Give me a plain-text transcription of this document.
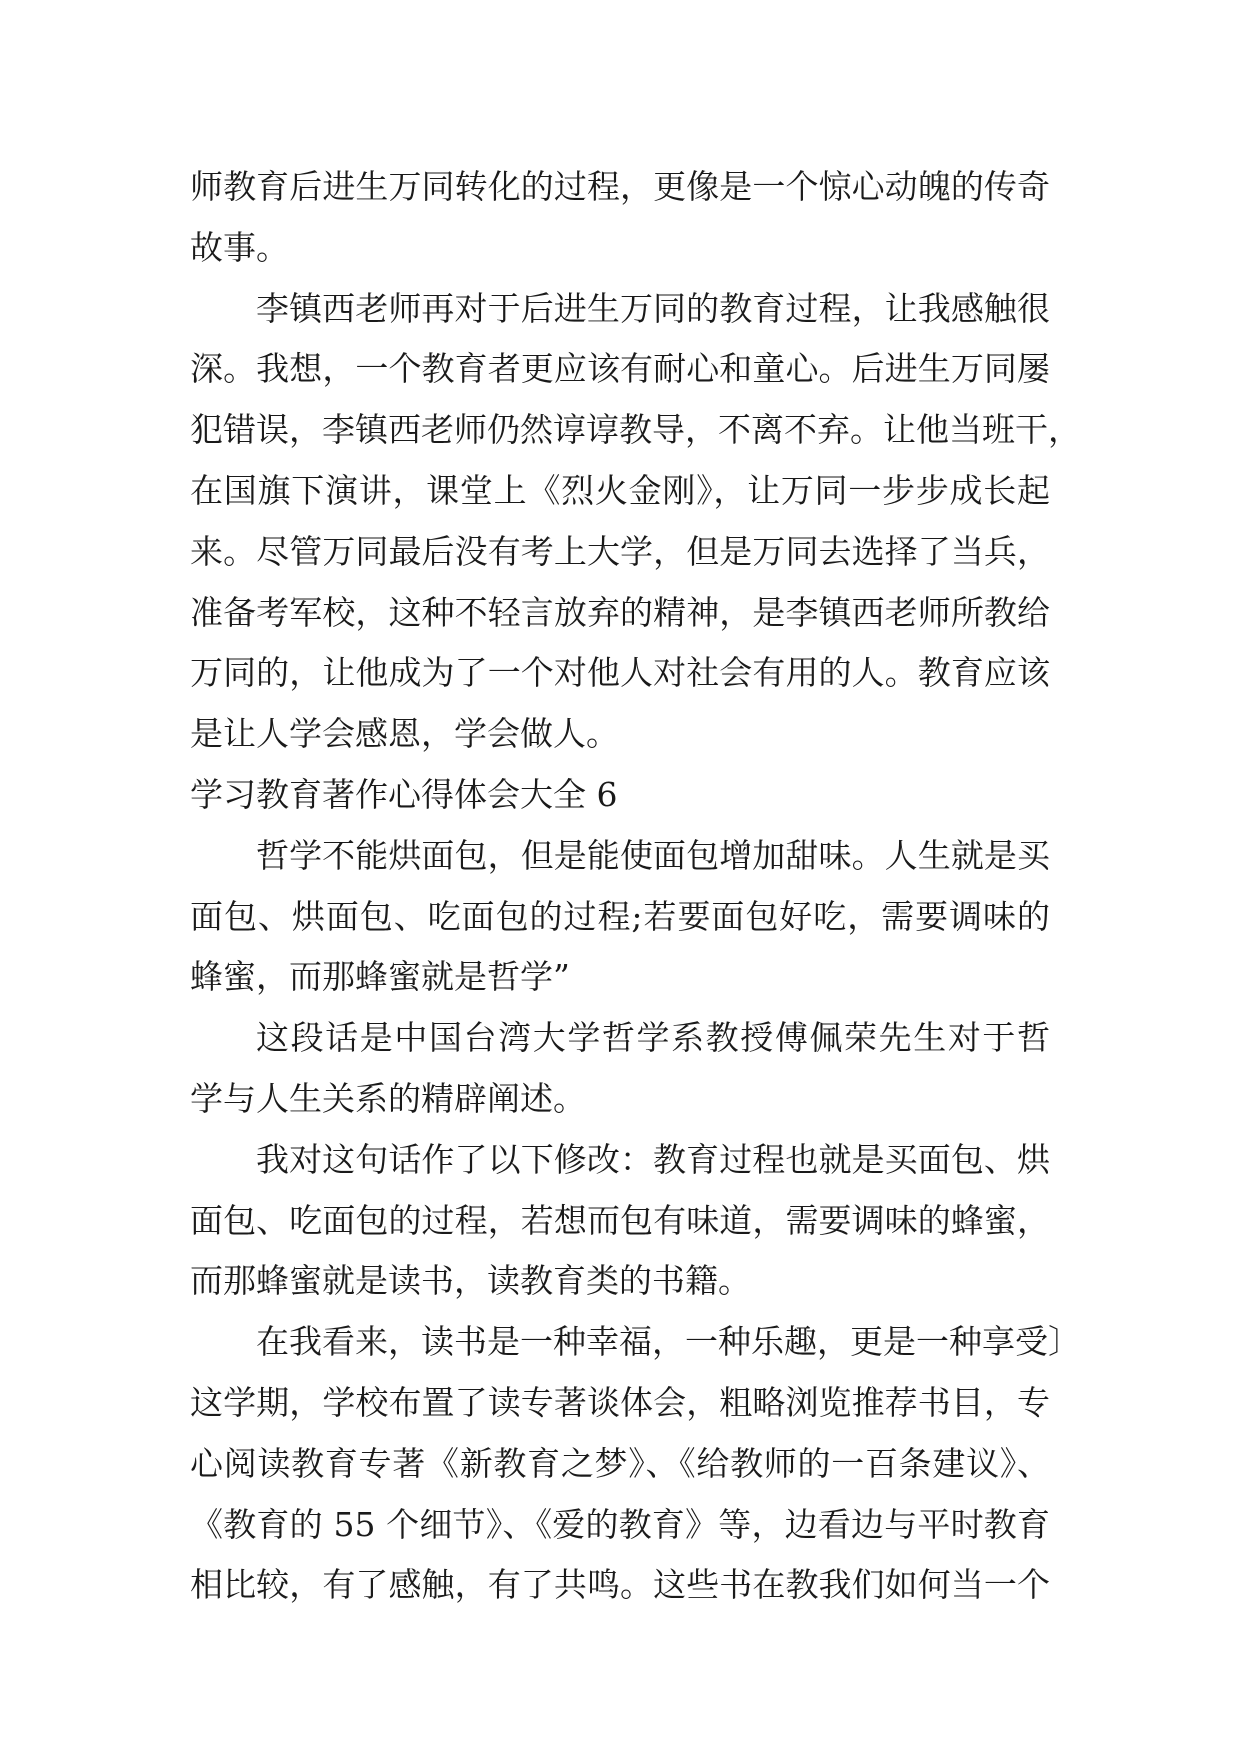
师教育后进生万同转化的过程，更像是一个惊心动魄的传奇
故事。
李镇西老师再对于后进生万同的教育过程，让我感触很
深。我想，一个教育者更应该有耐心和童心。后进生万同屡
犯错误，李镇西老师仍然谆谆教导，不离不弃。让他当班干，
在国旗下演讲，课堂上《烈火金刚》，让万同一步步成长起
来。尽管万同最后没有考上大学，但是万同去选择了当兵，
准备考军校，这种不轻言放弃的精神，是李镇西老师所教给
万同的，让他成为了一个对他人对社会有用的人。教育应该
是让人学会感恩，学会做人。
学习教育著作心得体会大全 6
哲学不能烘面包，但是能使面包增加甜味。人生就是买
面包、烘面包、吃面包的过程;若要面包好吃，需要调味的
蜂蜜，而那蜂蜜就是哲学”
这段话是中国台湾大学哲学系教授傅佩荣先生对于哲
学与人生关系的精辟阐述。
我对这句话作了以下修改：教育过程也就是买面包、烘
面包、吃面包的过程，若想而包有味道，需要调味的蜂蜜，
而那蜂蜜就是读书，读教育类的书籍。
在我看来，读书是一种幸福，一种乐趣，更是一种享受〕
这学期，学校布置了读专著谈体会，粗略浏览推荐书目，专
心阅读教育专著《新教育之梦》、《给教师的一百条建议》、
《教育的 55 个细节》、《爱的教育》等，边看边与平时教育
相比较，有了感触，有了共鸣。这些书在教我们如何当一个
